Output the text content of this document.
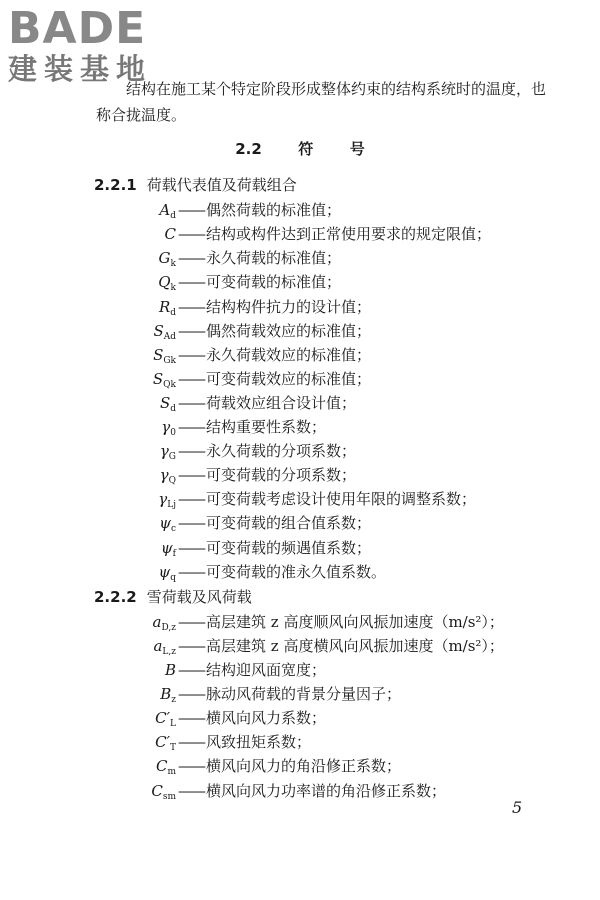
BADE
建装基地
结构在施工某个特定阶段形成整体约束的结构系统时的温度，也称合拢温度。
2.2 符 号
2.2.1 荷载代表值及荷载组合
$A_d$ —— 偶然荷载的标准值；
C —— 结构或构件达到正常使用要求的规定限值；
$G_k$ —— 永久荷载的标准值；
$Q_k$ —— 可变荷载的标准值；
$R_d$ —— 结构构件抗力的设计值；
$S_{Ad}$ —— 偶然荷载效应的标准值；
$S_{Gk}$ —— 永久荷载效应的标准值；
$S_{Qk}$ —— 可变荷载效应的标准值；
$S_d$ —— 荷载效应组合设计值；
$\gamma_0$ —— 结构重要性系数；
$\gamma_G$ —— 永久荷载的分项系数；
$\gamma_Q$ —— 可变荷载的分项系数；
$\gamma_{Lj}$ —— 可变荷载考虑设计使用年限的调整系数；
$\psi_c$ —— 可变荷载的组合值系数；
$\psi_f$ —— 可变荷载的频遇值系数；
$\psi_q$ —— 可变荷载的准永久值系数。
2.2.2 雪荷载及风荷载
$a_{D,z}$ —— 高层建筑 z 高度顺风向风振加速度（m/s²）；
$a_{L,z}$ —— 高层建筑 z 高度横风向风振加速度（m/s²）；
B —— 结构迎风面宽度；
$B_z$ —— 脉动风荷载的背景分量因子；
$C'_L$ —— 横风向风力系数；
$C'_T$ —— 风致扭矩系数；
$C_m$ —— 横风向风力的角沿修正系数；
$C_{sm}$ —— 横风向风力功率谱的角沿修正系数；
5
